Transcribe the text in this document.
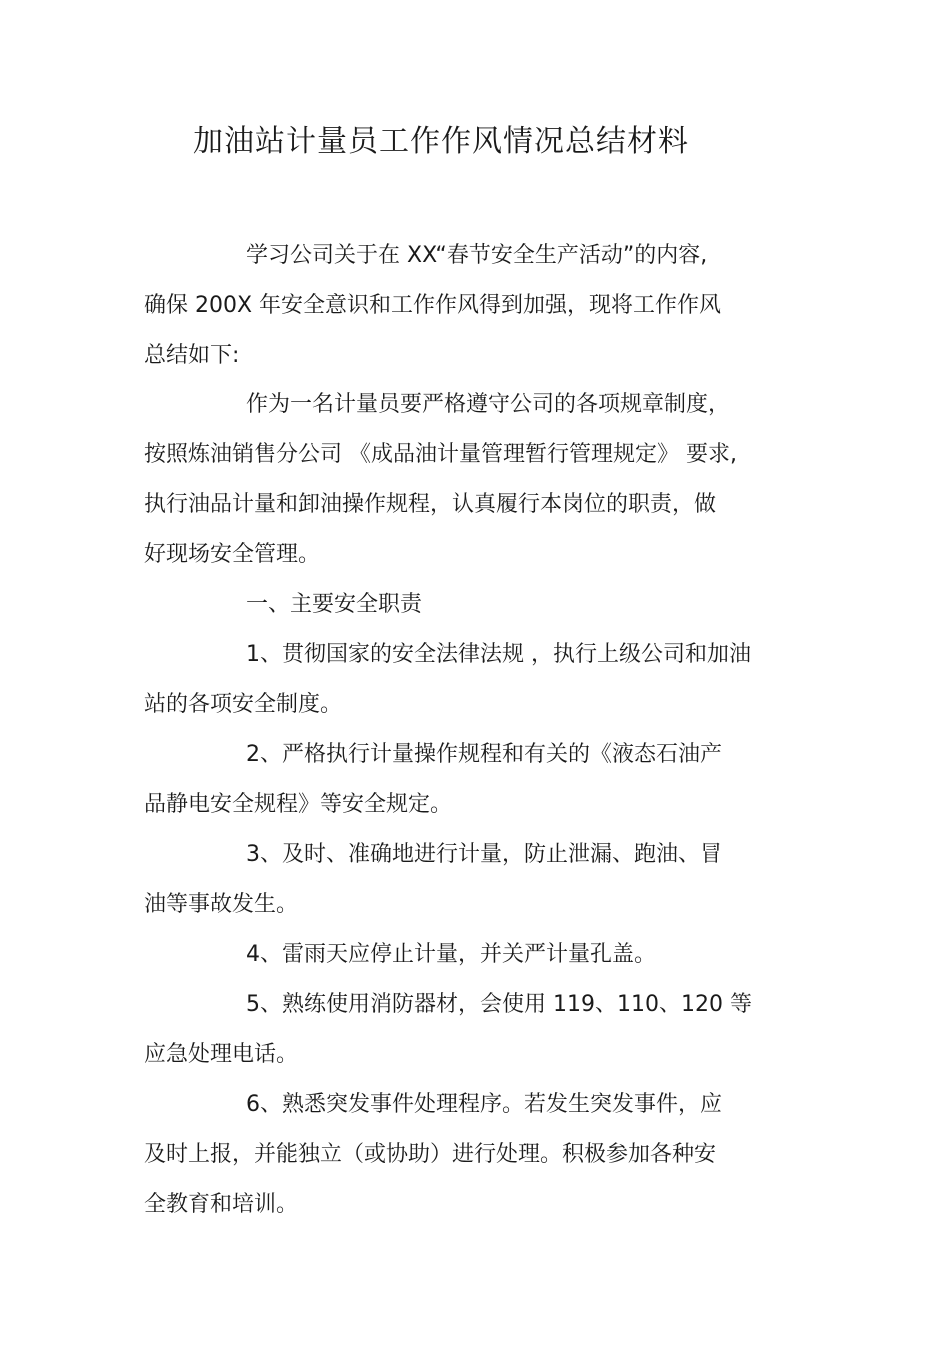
加油站计量员工作作风情况总结材料

学习公司关于在 XX“春节安全生产活动”的内容,

确保 200X 年安全意识和工作作风得到加强，现将工作作风

总结如下:

作为一名计量员要严格遵守公司的各项规章制度，

按照炼油销售分公司 《成品油计量管理暂行管理规定》 要求,

执行油品计量和卸油操作规程，认真履行本岗位的职责，做

好现场安全管理。

一、主要安全职责

1、贯彻国家的安全法律法规 ，执行上级公司和加油

站的各项安全制度。

2、严格执行计量操作规程和有关的《液态石油产

品静电安全规程》等安全规定。

3、及时、准确地进行计量，防止泄漏、跑油、冒

油等事故发生。

4、雷雨天应停止计量，并关严计量孔盖。

5、熟练使用消防器材，会使用 119、110、120 等

应急处理电话。

6、熟悉突发事件处理程序。若发生突发事件，应

及时上报，并能独立（或协助）进行处理。积极参加各种安

全教育和培训。
